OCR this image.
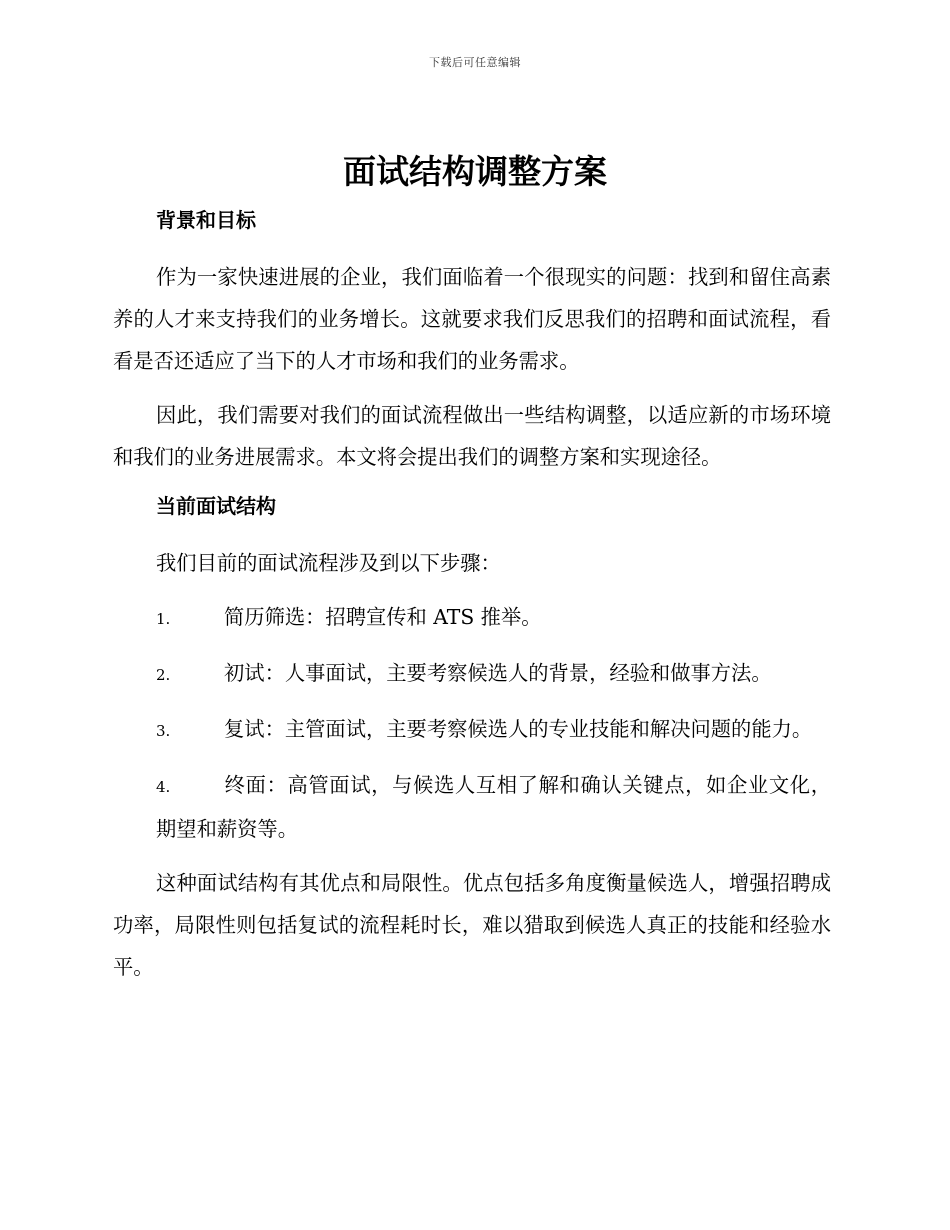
下载后可任意编辑
面试结构调整方案
背景和目标

作为一家快速进展的企业，我们面临着一个很现实的问题：找到和留住高素养的人才来支持我们的业务增长。这就要求我们反思我们的招聘和面试流程，看看是否还适应了当下的人才市场和我们的业务需求。

因此，我们需要对我们的面试流程做出一些结构调整，以适应新的市场环境和我们的业务进展需求。本文将会提出我们的调整方案和实现途径。

当前面试结构

我们目前的面试流程涉及到以下步骤：

1.	简历筛选：招聘宣传和 ATS 推举。

2.	初试：人事面试，主要考察候选人的背景，经验和做事方法。

3.	复试：主管面试，主要考察候选人的专业技能和解决问题的能力。

4.	终面：高管面试，与候选人互相了解和确认关键点，如企业文化，期望和薪资等。

这种面试结构有其优点和局限性。优点包括多角度衡量候选人，增强招聘成功率，局限性则包括复试的流程耗时长，难以猎取到候选人真正的技能和经验水平。
